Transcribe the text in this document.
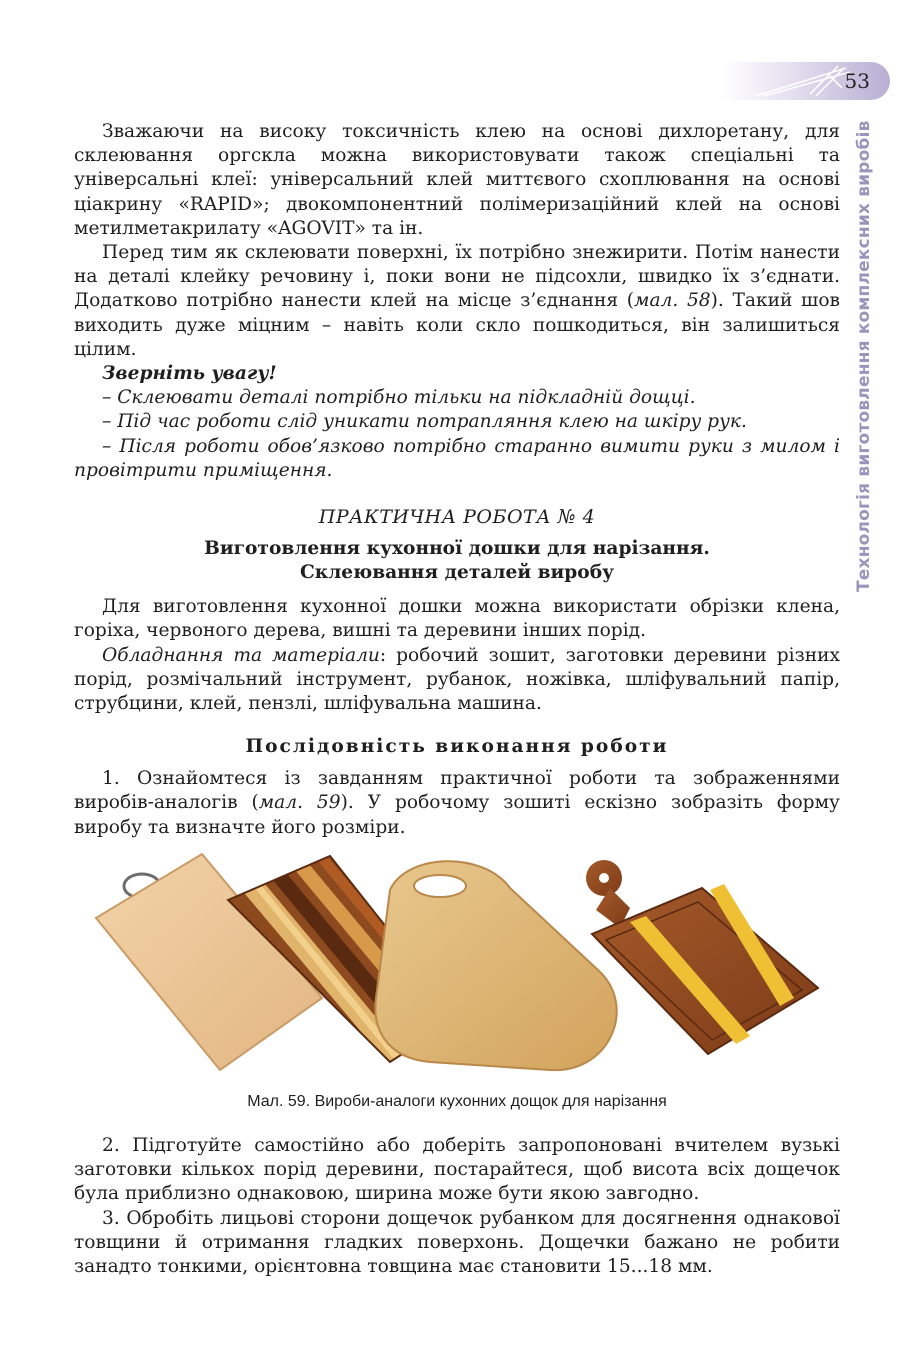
53
Технологія виготовлення комплексних виробів

Зважаючи на високу токсичність клею на основі дихлоретану, для склеювання оргскла можна використовувати також спеціальні та універсальні клеї: універсальний клей миттєвого схоплювання на основі ціакрину «RAPID»; двокомпонентний полімеризаційний клей на основі метилметакрилату «AGOVIT» та ін.

Перед тим як склеювати поверхні, їх потрібно знежирити. Потім нанести на деталі клейку речовину і, поки вони не підсохли, швидко їх з’єднати. Додатково потрібно нанести клей на місце з’єднання (мал. 58). Такий шов виходить дуже міцним – навіть коли скло пошкодиться, він залишиться цілим.

Зверніть увагу!

– Склеювати деталі потрібно тільки на підкладній дощці.

– Під час роботи слід уникати потрапляння клею на шкіру рук.

– Після роботи обов’язково потрібно старанно вимити руки з милом і провітрити приміщення.

ПРАКТИЧНА РОБОТА № 4

Виготовлення кухонної дошки для нарізання.

Склеювання деталей виробу

Для виготовлення кухонної дошки можна використати обрізки клена, горіха, червоного дерева, вишні та деревини інших порід.

Обладнання та матеріали: робочий зошит, заготовки деревини різних порід, розмічальний інструмент, рубанок, ножівка, шліфувальний папір, струбцини, клей, пензлі, шліфувальна машина.

Послідовність виконання роботи

1. Ознайомтеся із завданням практичної роботи та зображеннями виробів-аналогів (мал. 59). У робочому зошиті ескізно зобразіть форму виробу та визначте його розміри.

Мал. 59. Вироби-аналоги кухонних дощок для нарізання

2. Підготуйте самостійно або доберіть запропоновані вчителем вузькі заготовки кількох порід деревини, постарайтеся, щоб висота всіх дощечок була приблизно однаковою, ширина може бути якою завгодно.

3. Обробіть лицьові сторони дощечок рубанком для досягнення однакової товщини й отримання гладких поверхонь. Дощечки бажано не робити занадто тонкими, орієнтовна товщина має становити 15...18 мм.
